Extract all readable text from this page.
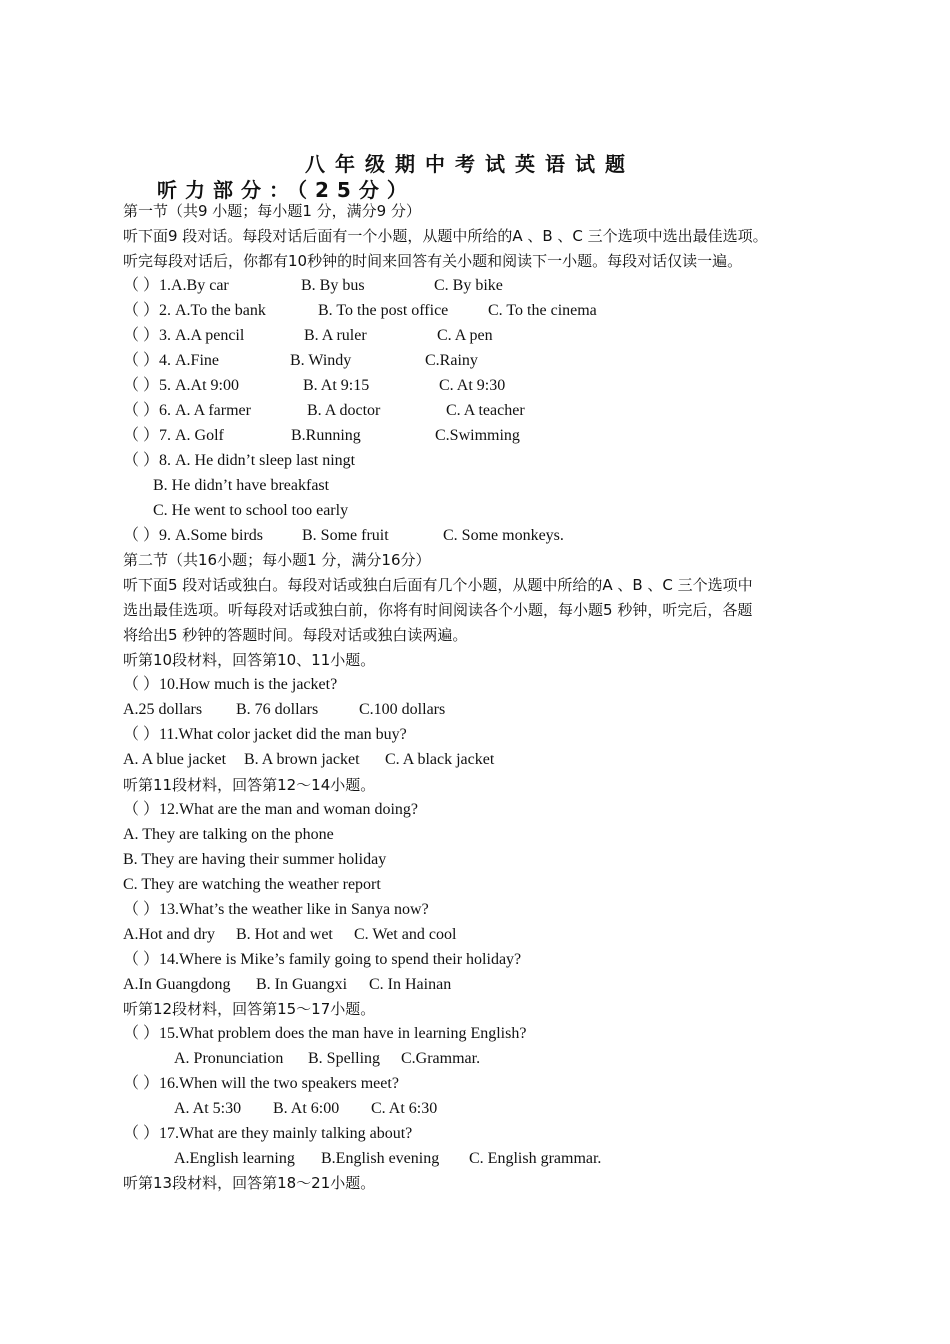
八年级期中考试英语试题
听力部分：（25分）
第一节（共9 小题；每小题1 分，满分9 分）
听下面9 段对话。每段对话后面有一个小题，从题中所给的A 、B 、C 三个选项中选出最佳选项。
听完每段对话后，你都有10秒钟的时间来回答有关小题和阅读下一小题。每段对话仅读一遍。
（ ）1.A.By car	B. By bus	C. By bike
（ ）2. A.To the bank	B. To the post office C. To the cinema
（ ）3. A.A pencil	B. A ruler	C. A pen
（ ）4. A.Fine	B. Windy	C.Rainy
（ ）5. A.At 9:00	B. At 9:15	C. At 9:30
（ ）6. A. A farmer	B. A doctor	C. A teacher
（ ）7. A. Golf	B.Running	C.Swimming
（ ）8. A. He didn’t sleep last ningt
B. He didn’t have breakfast
C. He went to school too early
（ ）9. A.Some birds B. Some fruit	C. Some monkeys.
第二节（共16小题；每小题1 分，满分16分）
听下面5 段对话或独白。每段对话或独白后面有几个小题，从题中所给的A 、B 、C 三个选项中
选出最佳选项。听每段对话或独白前，你将有时间阅读各个小题，每小题5 秒钟，听完后，各题
将给出5 秒钟的答题时间。每段对话或独白读两遍。
听第10段材料，回答第10、11小题。
（ ）10.How much is the jacket?
A.25 dollars B. 76 dollars	C.100 dollars
（ ）11.What color jacket did the man buy?
A. A blue jacket B. A brown jacket C. A black jacket
听第11段材料，回答第12～14小题。
（ ）12.What are the man and woman doing?
A. They are talking on the phone
B. They are having their summer holiday
C. They are watching the weather report
（ ）13.What’s the weather like in Sanya now?
A.Hot and dry B. Hot and wet C. Wet and cool
（ ）14.Where is Mike’s family going to spend their holiday?
A.In Guangdong B. In Guangxi C. In Hainan
听第12段材料，回答第15～17小题。
（ ）15.What problem does the man have in learning English?
A. Pronunciation B. Spelling C.Grammar.
（ ）16.When will the two speakers meet?
A. At 5:30 B. At 6:00 C. At 6:30
（ ）17.What are they mainly talking about?
A.English learning B.English evening C. English grammar.
听第13段材料，回答第18～21小题。
